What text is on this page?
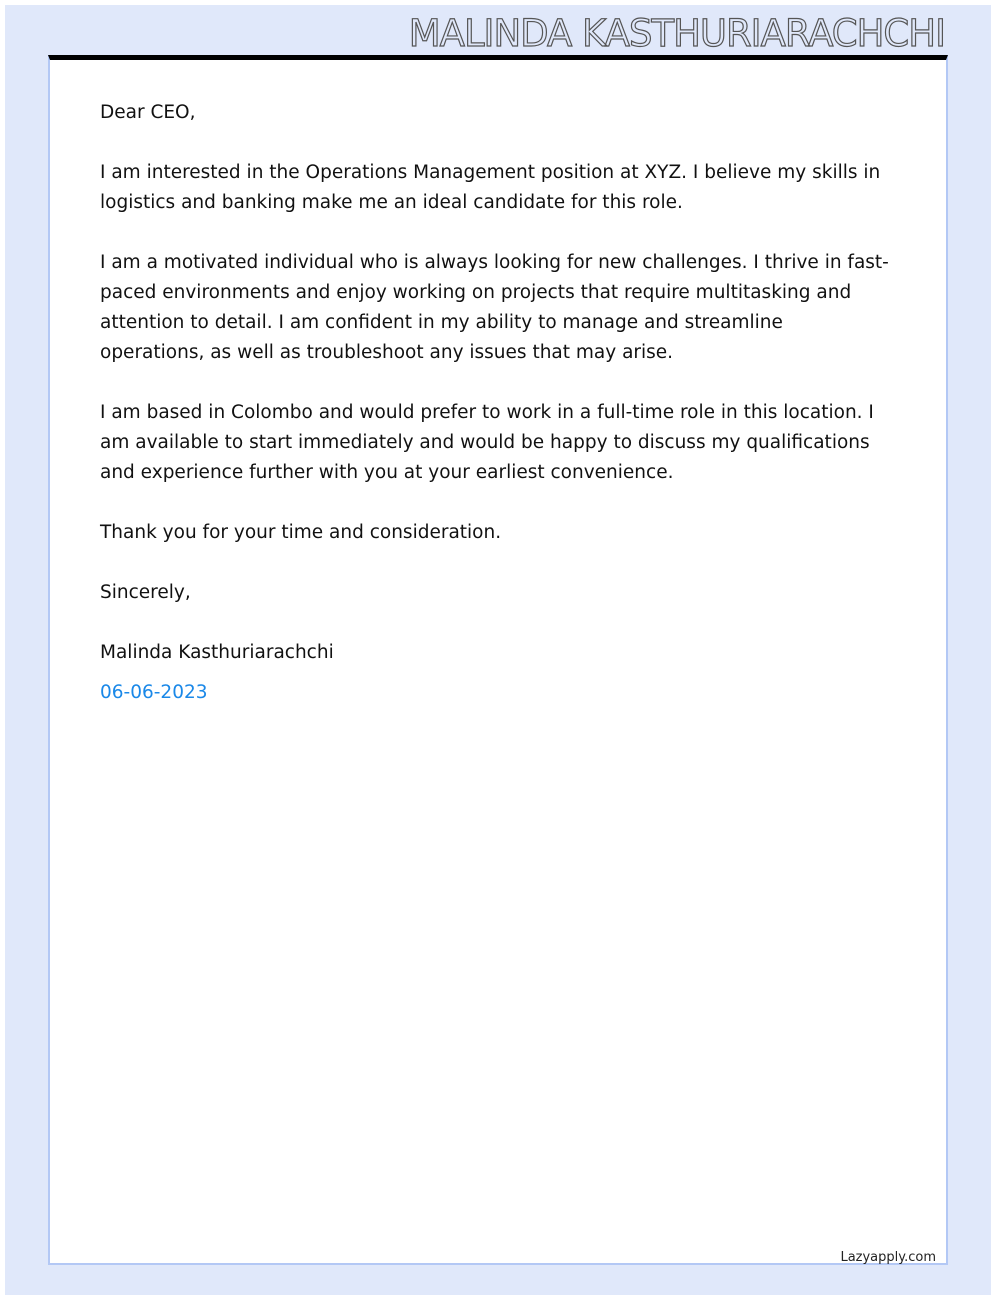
MALINDA KASTHURIARACHCHI

Dear CEO,

I am interested in the Operations Management position at XYZ. I believe my skills in logistics and banking make me an ideal candidate for this role.

I am a motivated individual who is always looking for new challenges. I thrive in fast-paced environments and enjoy working on projects that require multitasking and attention to detail. I am confident in my ability to manage and streamline operations, as well as troubleshoot any issues that may arise.

I am based in Colombo and would prefer to work in a full-time role in this location. I am available to start immediately and would be happy to discuss my qualifications and experience further with you at your earliest convenience.

Thank you for your time and consideration.

Sincerely,

Malinda Kasthuriarachchi

06-06-2023

Lazyapply.com
